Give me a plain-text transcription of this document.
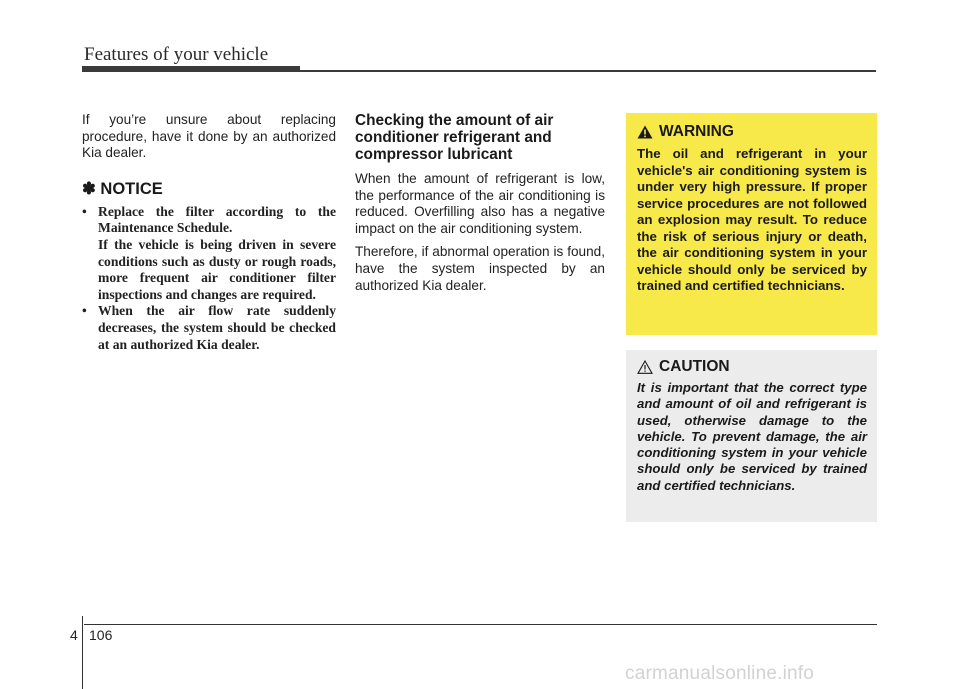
Features of your vehicle

If you’re unsure about replacing procedure, have it done by an authorized Kia dealer.

✽ NOTICE
• Replace the filter according to the Maintenance Schedule.
If the vehicle is being driven in severe conditions such as dusty or rough roads, more frequent air conditioner filter inspections and changes are required.
• When the air flow rate suddenly decreases, the system should be checked at an authorized Kia dealer.
Checking the amount of air conditioner refrigerant and compressor lubricant

When the amount of refrigerant is low, the performance of the air conditioning is reduced. Overfilling also has a negative impact on the air conditioning system.

Therefore, if abnormal operation is found, have the system inspected by an authorized Kia dealer.

WARNING

The oil and refrigerant in your vehicle's air conditioning system is under very high pressure. If proper service procedures are not followed an explosion may result. To reduce the risk of serious injury or death, the air conditioning system in your vehicle should only be serviced by trained and certified technicians.

CAUTION

It is important that the correct type and amount of oil and refrigerant is used, otherwise damage to the vehicle. To prevent damage, the air conditioning system in your vehicle should only be serviced by trained and certified technicians.

4 106
carmanualsonline.info
